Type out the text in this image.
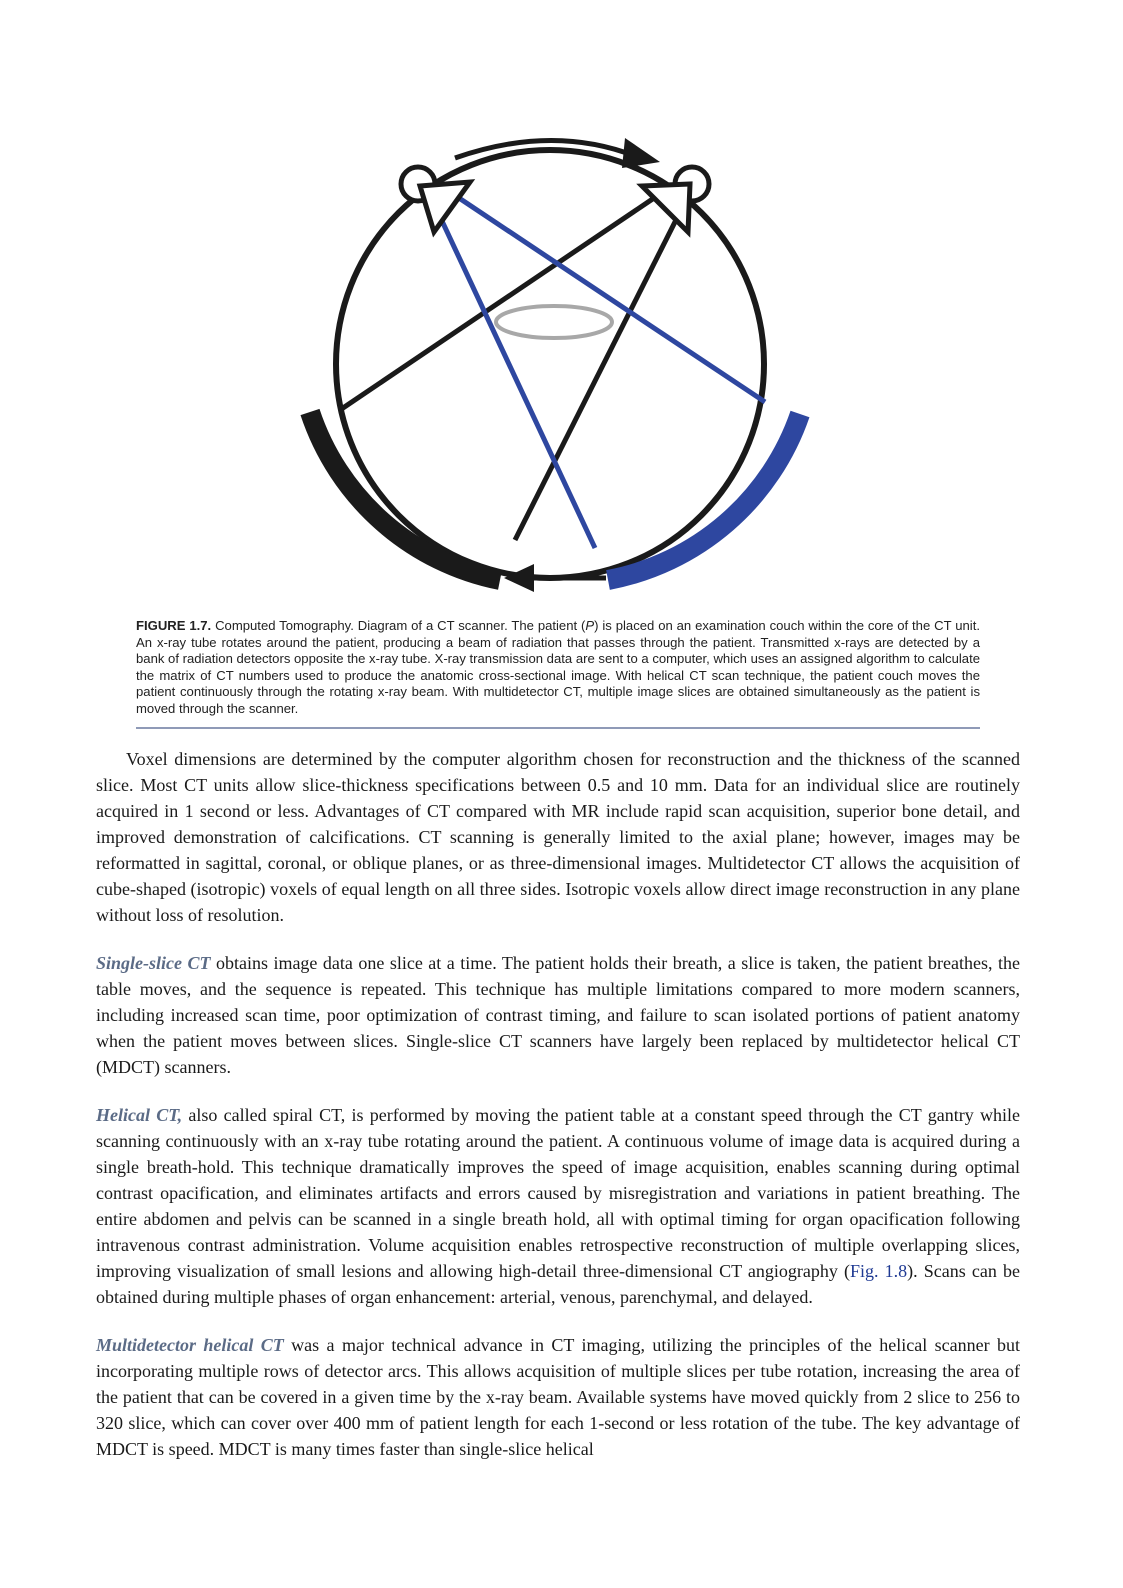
FIGURE 1.7. Computed Tomography. Diagram of a CT scanner. The patient (P) is placed on an examination couch within the core of the CT unit. An x-ray tube rotates around the patient, producing a beam of radiation that passes through the patient. Transmitted x-rays are detected by a bank of radiation detectors opposite the x-ray tube. X-ray transmission data are sent to a computer, which uses an assigned algorithm to calculate the matrix of CT numbers used to produce the anatomic cross-sectional image. With helical CT scan technique, the patient couch moves the patient continuously through the rotating x-ray beam. With multidetector CT, multiple image slices are obtained simultaneously as the patient is moved through the scanner.

Voxel dimensions are determined by the computer algorithm chosen for reconstruction and the thickness of the scanned slice. Most CT units allow slice-thickness specifications between 0.5 and 10 mm. Data for an individual slice are routinely acquired in 1 second or less. Advantages of CT compared with MR include rapid scan acquisition, superior bone detail, and improved demonstration of calcifications. CT scanning is generally limited to the axial plane; however, images may be reformatted in sagittal, coronal, or oblique planes, or as three-dimensional images. Multidetector CT allows the acquisition of cube-shaped (isotropic) voxels of equal length on all three sides. Isotropic voxels allow direct image reconstruction in any plane without loss of resolution.

Single-slice CT obtains image data one slice at a time. The patient holds their breath, a slice is taken, the patient breathes, the table moves, and the sequence is repeated. This technique has multiple limitations compared to more modern scanners, including increased scan time, poor optimization of contrast timing, and failure to scan isolated portions of patient anatomy when the patient moves between slices. Single-slice CT scanners have largely been replaced by multidetector helical CT (MDCT) scanners.

Helical CT, also called spiral CT, is performed by moving the patient table at a constant speed through the CT gantry while scanning continuously with an x-ray tube rotating around the patient. A continuous volume of image data is acquired during a single breath-hold. This technique dramatically improves the speed of image acquisition, enables scanning during optimal contrast opacification, and eliminates artifacts and errors caused by misregistration and variations in patient breathing. The entire abdomen and pelvis can be scanned in a single breath hold, all with optimal timing for organ opacification following intravenous contrast administration. Volume acquisition enables retrospective reconstruction of multiple overlapping slices, improving visualization of small lesions and allowing high-detail three-dimensional CT angiography (Fig. 1.8). Scans can be obtained during multiple phases of organ enhancement: arterial, venous, parenchymal, and delayed.

Multidetector helical CT was a major technical advance in CT imaging, utilizing the principles of the helical scanner but incorporating multiple rows of detector arcs. This allows acquisition of multiple slices per tube rotation, increasing the area of the patient that can be covered in a given time by the x-ray beam. Available systems have moved quickly from 2 slice to 256 to 320 slice, which can cover over 400 mm of patient length for each 1-second or less rotation of the tube. The key advantage of MDCT is speed. MDCT is many times faster than single-slice helical
